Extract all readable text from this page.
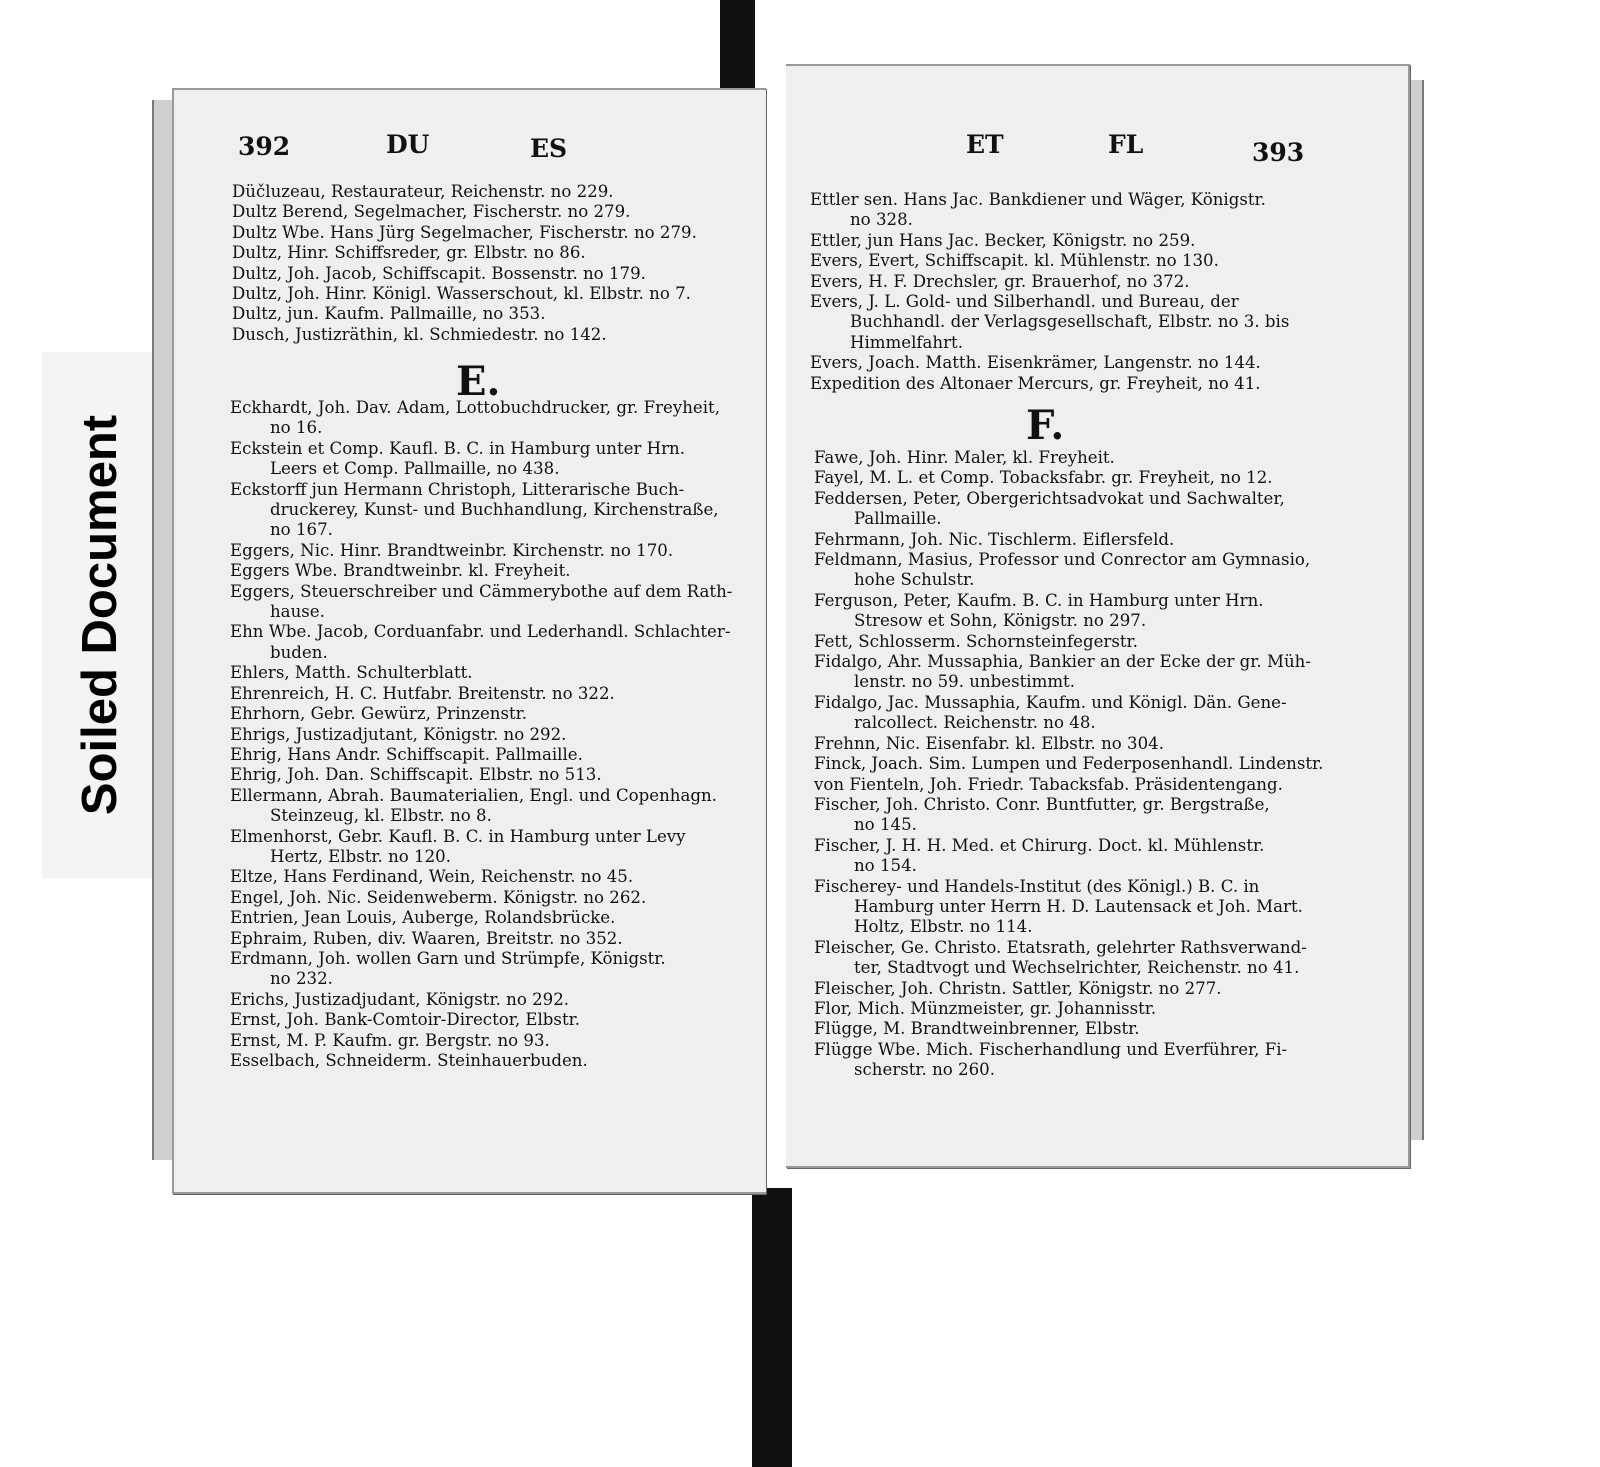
Soiled Document
392	DU	ES
Düčluzeau, Restaurateur, Reichenstr. no 229.
Dultz Berend, Segelmacher, Fischerstr. no 279.
Dultz Wbe. Hans Jürg Segelmacher, Fischerstr. no 279.
Dultz, Hinr. Schiffsreder, gr. Elbstr. no 86.
Dultz, Joh. Jacob, Schiffscapit. Bossenstr. no 179.
Dultz, Joh. Hinr. Königl. Wasserschout, kl. Elbstr. no 7.
Dultz, jun. Kaufm. Pallmaille, no 353.
Dusch, Justizräthin, kl. Schmiedestr. no 142.
E.
Eckhardt, Joh. Dav. Adam, Lottobuchdrucker, gr. Freyheit,
no 16.
Eckstein et Comp. Kaufl. B. C. in Hamburg unter Hrn.
Leers et Comp. Pallmaille, no 438.
Eckstorff jun Hermann Christoph, Litterarische Buch-
druckerey, Kunst- und Buchhandlung, Kirchenstraße,
no 167.
Eggers, Nic. Hinr. Brandtweinbr. Kirchenstr. no 170.
Eggers Wbe. Brandtweinbr. kl. Freyheit.
Eggers, Steuerschreiber und Cämmerybothe auf dem Rath-
hause.
Ehn Wbe. Jacob, Corduanfabr. und Lederhandl. Schlachter-
buden.
Ehlers, Matth. Schulterblatt.
Ehrenreich, H. C. Hutfabr. Breitenstr. no 322.
Ehrhorn, Gebr. Gewürz, Prinzenstr.
Ehrigs, Justizadjutant, Königstr. no 292.
Ehrig, Hans Andr. Schiffscapit. Pallmaille.
Ehrig, Joh. Dan. Schiffscapit. Elbstr. no 513.
Ellermann, Abrah. Baumaterialien, Engl. und Copenhagn.
Steinzeug, kl. Elbstr. no 8.
Elmenhorst, Gebr. Kaufl. B. C. in Hamburg unter Levy
Hertz, Elbstr. no 120.
Eltze, Hans Ferdinand, Wein, Reichenstr. no 45.
Engel, Joh. Nic. Seidenweberm. Königstr. no 262.
Entrien, Jean Louis, Auberge, Rolandsbrücke.
Ephraim, Ruben, div. Waaren, Breitstr. no 352.
Erdmann, Joh. wollen Garn und Strümpfe, Königstr.
no 232.
Erichs, Justizadjudant, Königstr. no 292.
Ernst, Joh. Bank-Comtoir-Director, Elbstr.
Ernst, M. P. Kaufm. gr. Bergstr. no 93.
Esselbach, Schneiderm. Steinhauerbuden.
ET	FL	393
Ettler sen. Hans Jac. Bankdiener und Wäger, Königstr.
no 328.
Ettler, jun Hans Jac. Becker, Königstr. no 259.
Evers, Evert, Schiffscapit. kl. Mühlenstr. no 130.
Evers, H. F. Drechsler, gr. Brauerhof, no 372.
Evers, J. L. Gold- und Silberhandl. und Bureau, der
Buchhandl. der Verlagsgesellschaft, Elbstr. no 3. bis
Himmelfahrt.
Evers, Joach. Matth. Eisenkrämer, Langenstr. no 144.
Expedition des Altonaer Mercurs, gr. Freyheit, no 41.
F.
Fawe, Joh. Hinr. Maler, kl. Freyheit.
Fayel, M. L. et Comp. Tobacksfabr. gr. Freyheit, no 12.
Feddersen, Peter, Obergerichtsadvokat und Sachwalter,
Pallmaille.
Fehrmann, Joh. Nic. Tischlerm. Eiflersfeld.
Feldmann, Masius, Professor und Conrector am Gymnasio,
hohe Schulstr.
Ferguson, Peter, Kaufm. B. C. in Hamburg unter Hrn.
Stresow et Sohn, Königstr. no 297.
Fett, Schlosserm. Schornsteinfegerstr.
Fidalgo, Ahr. Mussaphia, Bankier an der Ecke der gr. Müh-
lenstr. no 59. unbestimmt.
Fidalgo, Jac. Mussaphia, Kaufm. und Königl. Dän. Gene-
ralcollect. Reichenstr. no 48.
Frehnn, Nic. Eisenfabr. kl. Elbstr. no 304.
Finck, Joach. Sim. Lumpen und Federposenhandl. Lindenstr.
von Fienteln, Joh. Friedr. Tabacksfab. Präsidentengang.
Fischer, Joh. Christo. Conr. Buntfutter, gr. Bergstraße,
no 145.
Fischer, J. H. H. Med. et Chirurg. Doct. kl. Mühlenstr.
no 154.
Fischerey- und Handels-Institut (des Königl.) B. C. in
Hamburg unter Herrn H. D. Lautensack et Joh. Mart.
Holtz, Elbstr. no 114.
Fleischer, Ge. Christo. Etatsrath, gelehrter Rathsverwand-
ter, Stadtvogt und Wechselrichter, Reichenstr. no 41.
Fleischer, Joh. Christn. Sattler, Königstr. no 277.
Flor, Mich. Münzmeister, gr. Johannisstr.
Flügge, M. Brandtweinbrenner, Elbstr.
Flügge Wbe. Mich. Fischerhandlung und Everführer, Fi-
scherstr. no 260.
